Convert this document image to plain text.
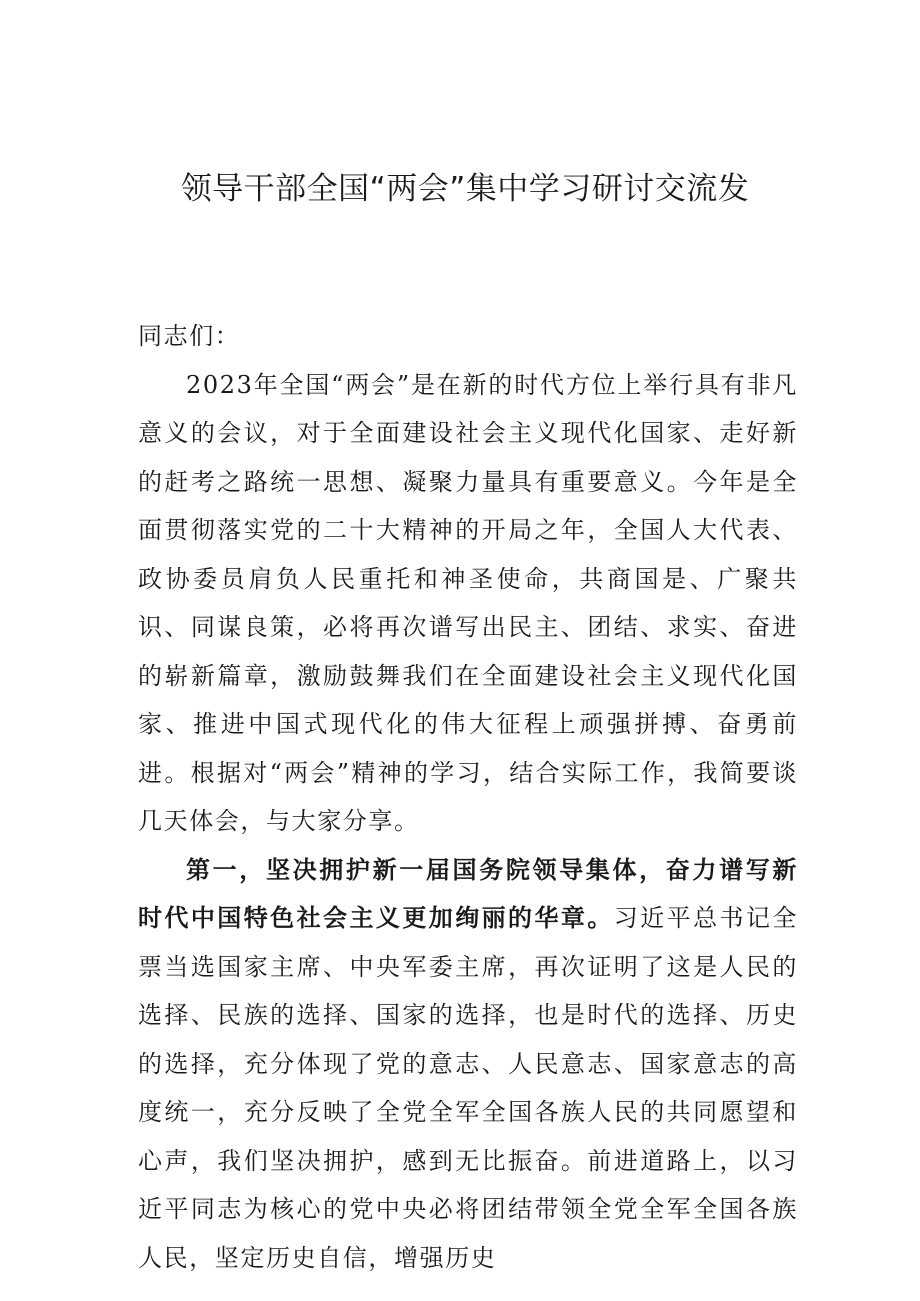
领导干部全国“两会”集中学习研讨交流发

同志们：

2023年全国“两会”是在新的时代方位上举行具有非凡意义的会议，对于全面建设社会主义现代化国家、走好新的赶考之路统一思想、凝聚力量具有重要意义。今年是全面贯彻落实党的二十大精神的开局之年，全国人大代表、政协委员肩负人民重托和神圣使命，共商国是、广聚共识、同谋良策，必将再次谱写出民主、团结、求实、奋进的崭新篇章，激励鼓舞我们在全面建设社会主义现代化国家、推进中国式现代化的伟大征程上顽强拼搏、奋勇前进。根据对“两会”精神的学习，结合实际工作，我简要谈几天体会，与大家分享。

第一，坚决拥护新一届国务院领导集体，奋力谱写新时代中国特色社会主义更加绚丽的华章。习近平总书记全票当选国家主席、中央军委主席，再次证明了这是人民的选择、民族的选择、国家的选择，也是时代的选择、历史的选择，充分体现了党的意志、人民意志、国家意志的高度统一，充分反映了全党全军全国各族人民的共同愿望和心声，我们坚决拥护，感到无比振奋。前进道路上，以习近平同志为核心的党中央必将团结带领全党全军全国各族人民，坚定历史自信，增强历史
